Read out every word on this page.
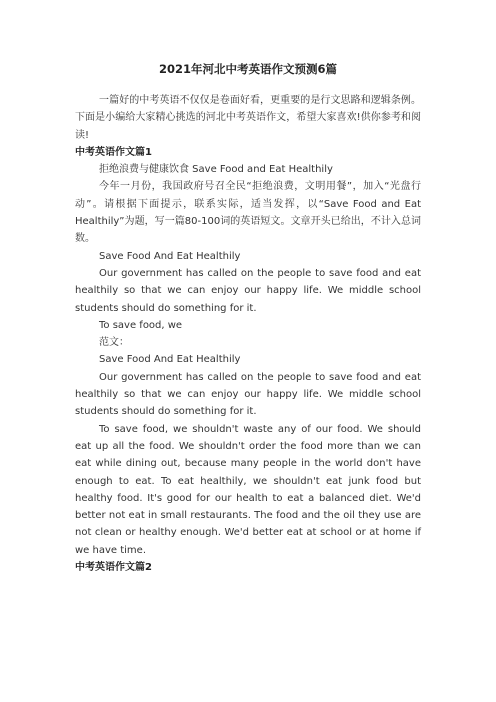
2021年河北中考英语作文预测6篇

一篇好的中考英语不仅仅是卷面好看，更重要的是行文思路和逻辑条例。下面是小编给大家精心挑选的河北中考英语作文，希望大家喜欢!供你参考和阅读!

中考英语作文篇1

拒绝浪费与健康饮食 Save Food and Eat Healthily

今年一月份，我国政府号召全民“拒绝浪费，文明用餐”，加入“光盘行动”。请根据下面提示，联系实际，适当发挥，以“Save Food and Eat Healthily”为题，写一篇80-100词的英语短文。文章开头已给出，不计入总词数。

Save Food And Eat Healthily

Our government has called on the people to save food and eat healthily so that we can enjoy our happy life. We middle school students should do something for it.

To save food, we

范文：

Save Food And Eat Healthily

Our government has called on the people to save food and eat healthily so that we can enjoy our happy life. We middle school students should do something for it.

To save food, we shouldn't waste any of our food. We should eat up all the food. We shouldn't order the food more than we can eat while dining out, because many people in the world don't have enough to eat. To eat healthily, we shouldn't eat junk food but healthy food. It's good for our health to eat a balanced diet. We'd better not eat in small restaurants. The food and the oil they use are not clean or healthy enough. We'd better eat at school or at home if we have time.

中考英语作文篇2
